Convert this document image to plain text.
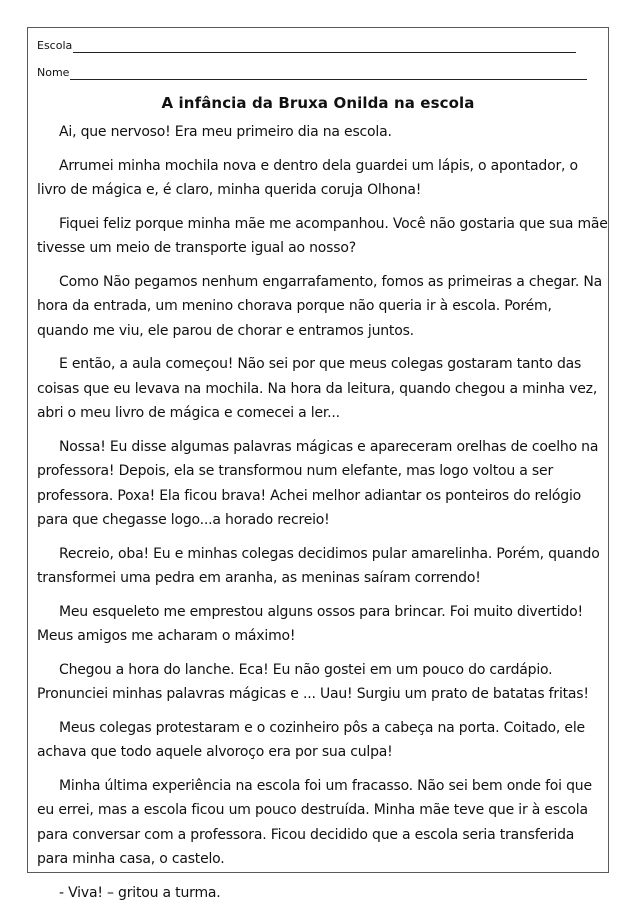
Escola
Nome
A infância da Bruxa Onilda na escola

Ai, que nervoso! Era meu primeiro dia na escola.

Arrumei minha mochila nova e dentro dela guardei um lápis, o apontador, o
livro de mágica e, é claro, minha querida coruja Olhona!

Fiquei feliz porque minha mãe me acompanhou. Você não gostaria que sua mãe
tivesse um meio de transporte igual ao nosso?

Como Não pegamos nenhum engarrafamento, fomos as primeiras a chegar. Na
hora da entrada, um menino chorava porque não queria ir à escola. Porém,
quando me viu, ele parou de chorar e entramos juntos.

E então, a aula começou! Não sei por que meus colegas gostaram tanto das
coisas que eu levava na mochila. Na hora da leitura, quando chegou a minha vez,
abri o meu livro de mágica e comecei a ler...

Nossa! Eu disse algumas palavras mágicas e apareceram orelhas de coelho na
professora! Depois, ela se transformou num elefante, mas logo voltou a ser
professora. Poxa! Ela ficou brava! Achei melhor adiantar os ponteiros do relógio
para que chegasse logo...a horado recreio!

Recreio, oba! Eu e minhas colegas decidimos pular amarelinha. Porém, quando
transformei uma pedra em aranha, as meninas saíram correndo!

Meu esqueleto me emprestou alguns ossos para brincar. Foi muito divertido!
Meus amigos me acharam o máximo!

Chegou a hora do lanche. Eca! Eu não gostei em um pouco do cardápio.
Pronunciei minhas palavras mágicas e ... Uau! Surgiu um prato de batatas fritas!

Meus colegas protestaram e o cozinheiro pôs a cabeça na porta. Coitado, ele
achava que todo aquele alvoroço era por sua culpa!

Minha última experiência na escola foi um fracasso. Não sei bem onde foi que
eu errei, mas a escola ficou um pouco destruída. Minha mãe teve que ir à escola
para conversar com a professora. Ficou decidido que a escola seria transferida
para minha casa, o castelo.

- Viva! – gritou a turma.
